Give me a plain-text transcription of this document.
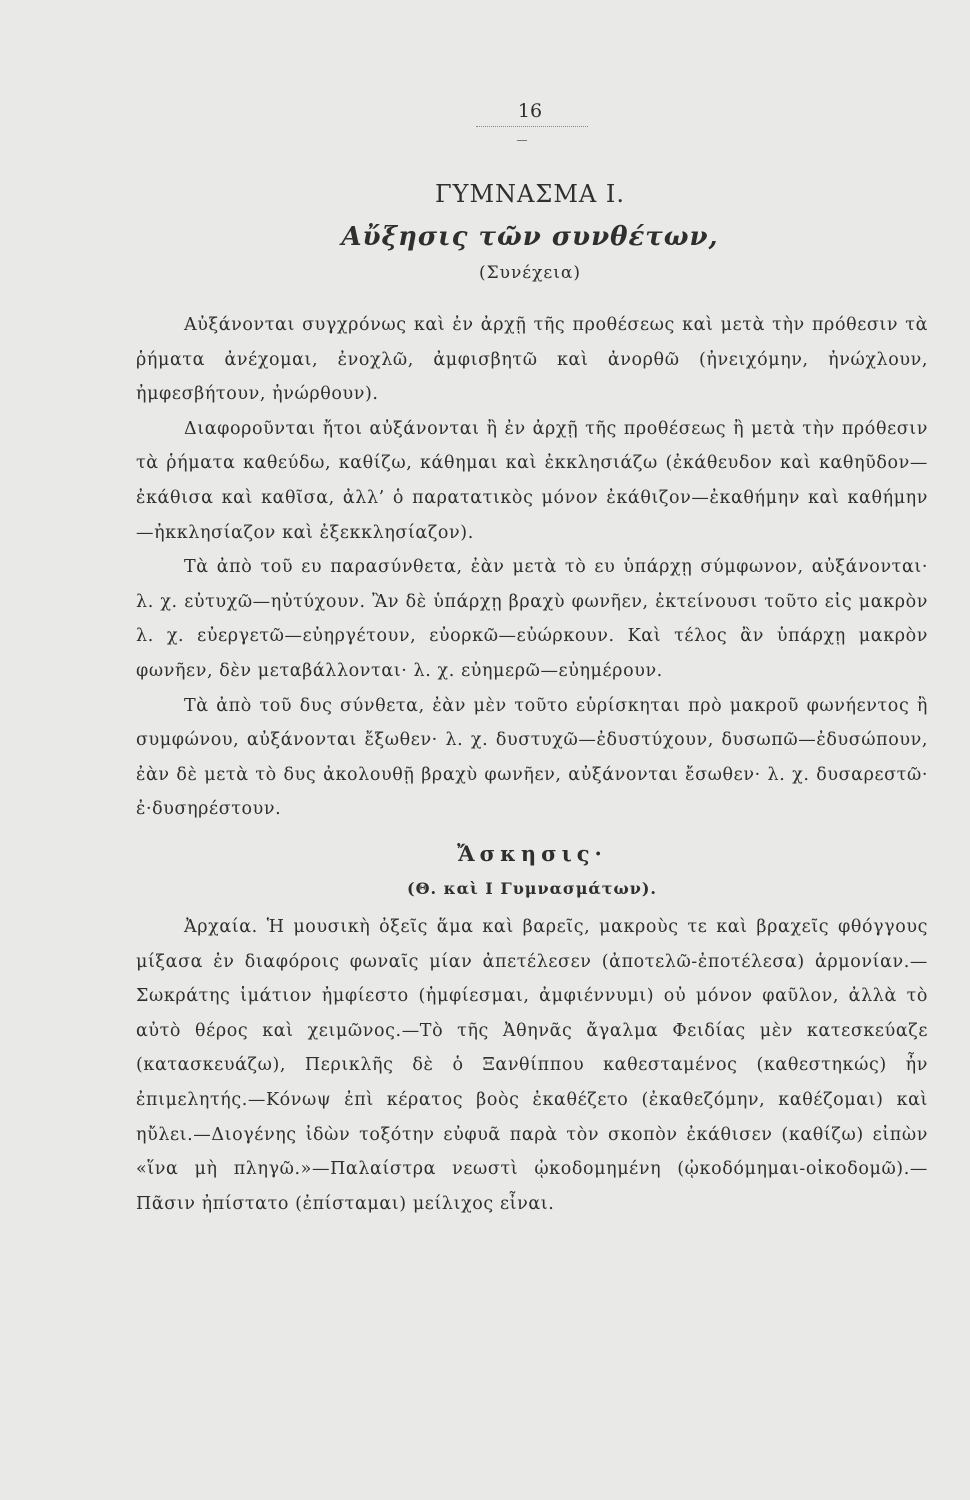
16
ΓΥΜΝΑΣΜΑ Ι.
Αὔξησις τῶν συνθέτων,
(Συνέχεια)

Αὐξάνονται συγχρόνως καὶ ἐν ἀρχῇ τῆς προθέσεως καὶ μετὰ τὴν πρόθεσιν τὰ ῥήματα ἀνέχομαι, ἐνοχλῶ, ἀμφισβητῶ καὶ ἀνορθῶ (ἠνειχόμην, ἠνώχλουν, ἠμφεσβήτουν, ἠνώρθουν).

Διαφοροῦνται ἤτοι αὐξάνονται ἢ ἐν ἀρχῇ τῆς προθέσεως ἢ μετὰ τὴν πρόθεσιν τὰ ῥήματα καθεύδω, καθίζω, κάθημαι καὶ ἐκκλησιάζω (ἐκάθευδον καὶ καθηῦδον—ἐκάθισα καὶ καθῖσα, ἀλλ’ ὁ παρατατικὸς μόνον ἐκάθιζον—ἐκαθήμην καὶ καθήμην—ἠκκλησίαζον καὶ ἐξεκκλησίαζον).

Τὰ ἀπὸ τοῦ ευ παρασύνθετα, ἐὰν μετὰ τὸ ευ ὑπάρχῃ σύμφωνον, αὐξάνονται· λ. χ. εὐτυχῶ—ηὐτύχουν. Ἂν δὲ ὑπάρχῃ βραχὺ φωνῆεν, ἐκτείνουσι τοῦτο εἰς μακρὸν λ. χ. εὐεργετῶ—εὐηργέτουν, εὐορκῶ—εὐώρκουν. Καὶ τέλος ἂν ὑπάρχῃ μακρὸν φωνῆεν, δὲν μεταβάλλονται· λ. χ. εὐημερῶ—εὐημέρουν.

Τὰ ἀπὸ τοῦ δυς σύνθετα, ἐὰν μὲν τοῦτο εὑρίσκηται πρὸ μακροῦ φωνήεντος ἢ συμφώνου, αὐξάνονται ἔξωθεν· λ. χ. δυστυχῶ—ἐδυστύχουν, δυσωπῶ—ἐδυσώπουν, ἐὰν δὲ μετὰ τὸ δυς ἀκολουθῇ βραχὺ φωνῆεν, αὐξάνονται ἔσωθεν· λ. χ. δυσαρεστῶ· ἐ·δυσηρέστουν.

Ἄσκησις·

(Θ. καὶ Ι Γυμνασμάτων).

Ἀρχαία. Ἡ μουσικὴ ὀξεῖς ἅμα καὶ βαρεῖς, μακροὺς τε καὶ βραχεῖς φθόγγους μίξασα ἐν διαφόροις φωναῖς μίαν ἀπετέλεσεν (ἀποτελῶ-ἐποτέλεσα) ἁρμονίαν.—Σωκράτης ἱμάτιον ἠμφίεστο (ἠμφίεσμαι, ἀμφιέννυμι) οὐ μόνον φαῦλον, ἀλλὰ τὸ αὐτὸ θέρος καὶ χειμῶνος.—Τὸ τῆς Ἀθηνᾶς ἄγαλμα Φειδίας μὲν κατεσκεύαζε (κατασκευάζω), Περικλῆς δὲ ὁ Ξανθίππου καθεσταμένος (καθεστηκώς) ἦν ἐπιμελητής.—Κόνωψ ἐπὶ κέρατος βοὸς ἐκαθέζετο (ἐκαθεζόμην, καθέζομαι) καὶ ηὔλει.—Διογένης ἰδὼν τοξότην εὐφυᾶ παρὰ τὸν σκοπὸν ἐκάθισεν (καθίζω) εἰπὼν «ἵνα μὴ πληγῶ.»—Παλαίστρα νεωστὶ ᾠκοδομημένη (ᾠκοδόμημαι-οἰκοδομῶ).—Πᾶσιν ἠπίστατο (ἐπίσταμαι) μείλιχος εἶναι.
